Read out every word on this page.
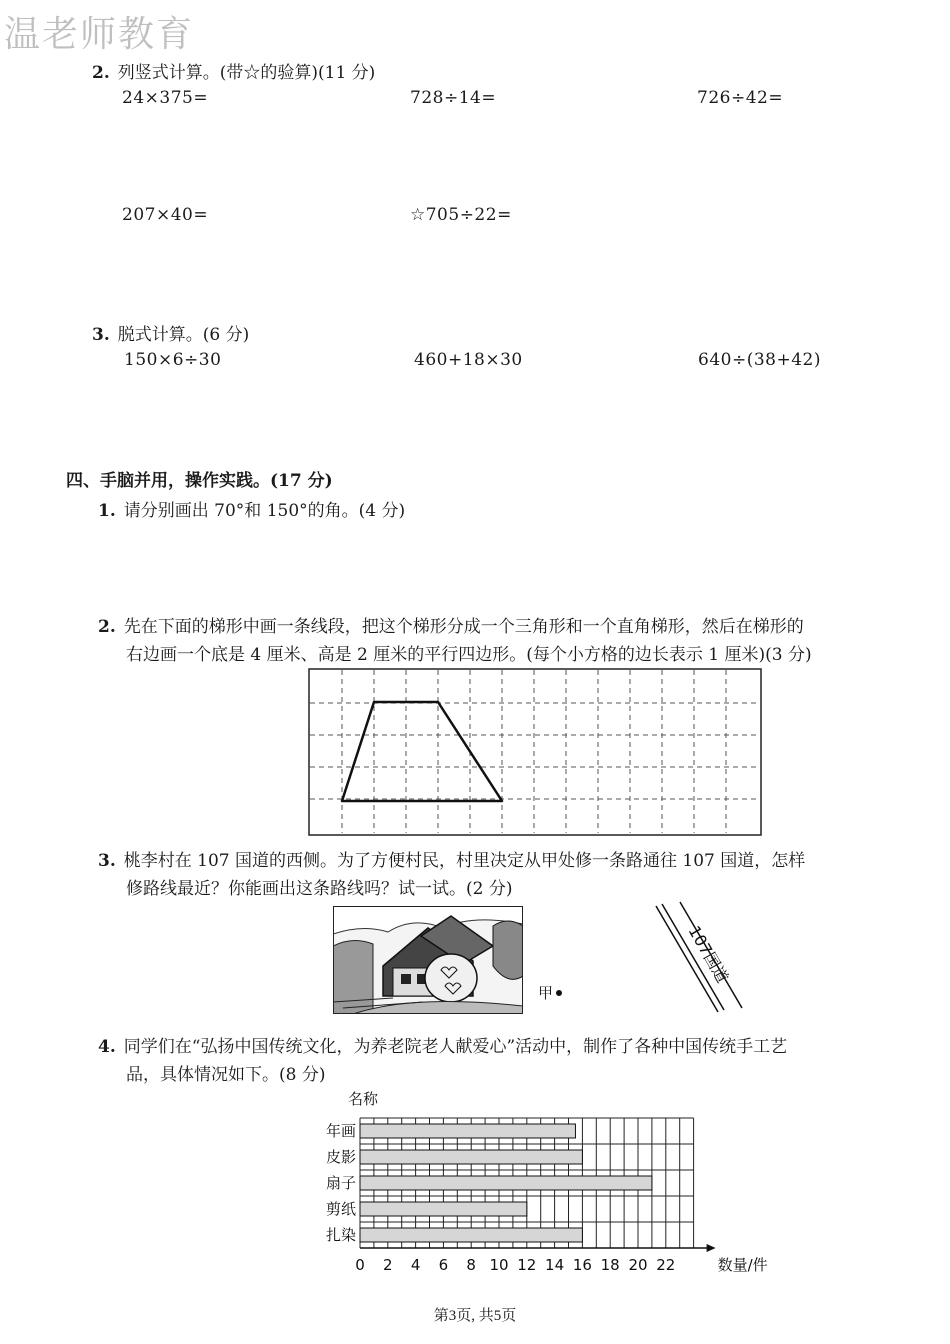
温老师教育
2. 列竖式计算。(带☆的验算)(11 分)
24×375=	728÷14=	726÷42=
207×40=	☆705÷22=
3. 脱式计算。(6 分)
150×6÷30	460+18×30	640÷(38+42)
四、手脑并用，操作实践。(17 分)
1. 请分别画出 70°和 150°的角。(4 分)
2. 先在下面的梯形中画一条线段，把这个梯形分成一个三角形和一个直角梯形，然后在梯形的
右边画一个底是 4 厘米、高是 2 厘米的平行四边形。(每个小方格的边长表示 1 厘米)(3 分)
3. 桃李村在 107 国道的西侧。为了方便村民，村里决定从甲处修一条路通往 107 国道，怎样
修路线最近？你能画出这条路线吗？试一试。(2 分)
甲
107国道
4. 同学们在“弘扬中国传统文化，为养老院老人献爱心”活动中，制作了各种中国传统手工艺
品，具体情况如下。(8 分)
年画
皮影
扇子
剪纸
扎染
名称
0 2 4 6 8 10 12 14 16 18 20 22	数量/件
第3页, 共5页
